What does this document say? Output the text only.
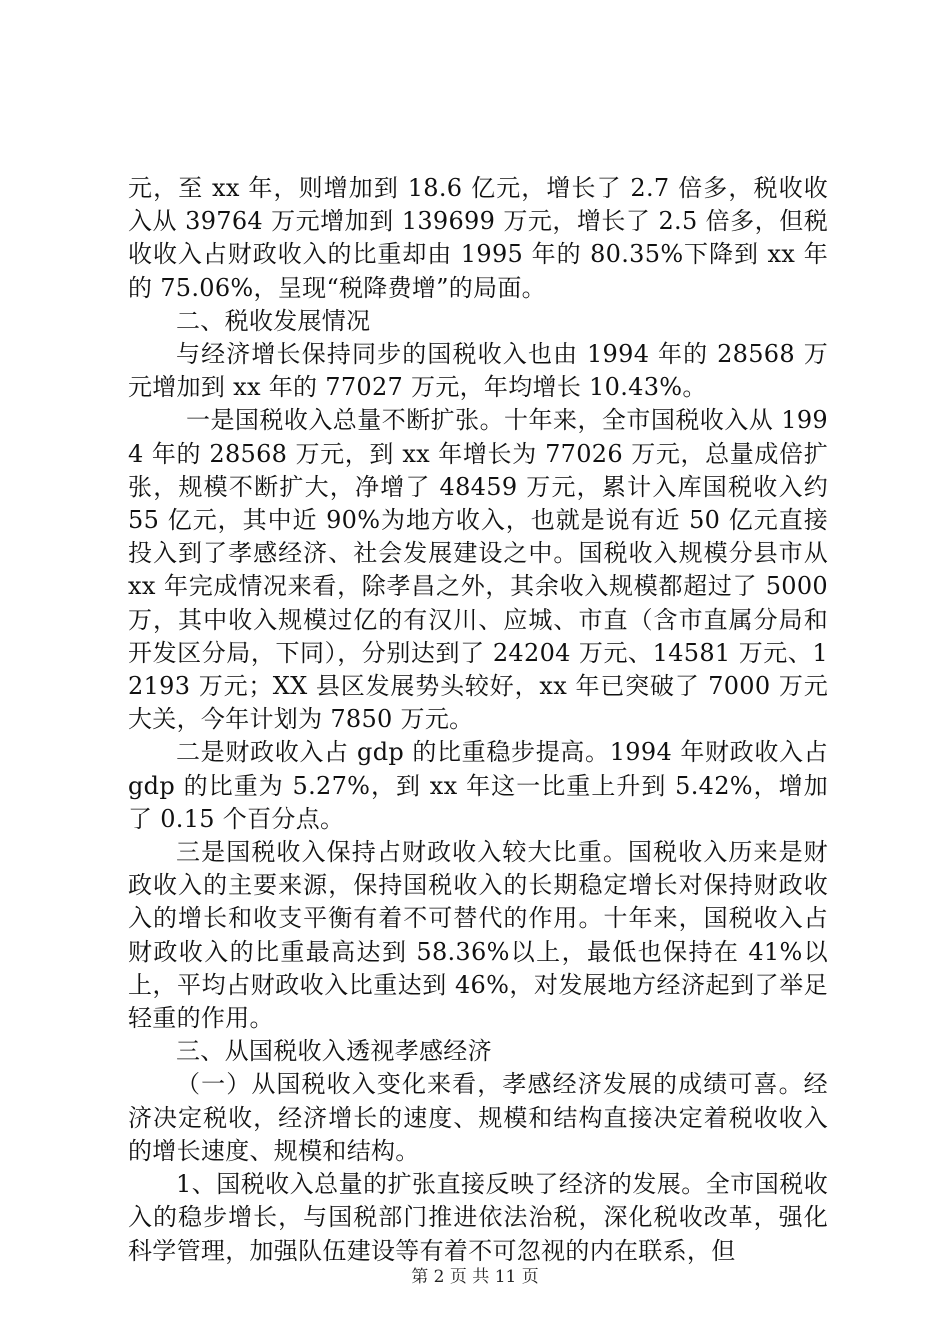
元，至 xx 年，则增加到 18.6 亿元，增长了 2.7 倍多，税收收入从 39764 万元增加到 139699 万元，增长了 2.5 倍多，但税收收入占财政收入的比重却由 1995 年的 80.35%下降到 xx 年的 75.06%，呈现“税降费增”的局面。

二、税收发展情况

与经济增长保持同步的国税收入也由 1994 年的 28568 万元增加到 xx 年的 77027 万元，年均增长 10.43%。

一是国税收入总量不断扩张。十年来，全市国税收入从 1994 年的 28568 万元，到 xx 年增长为 77026 万元，总量成倍扩张，规模不断扩大，净增了 48459 万元，累计入库国税收入约 55 亿元，其中近 90%为地方收入，也就是说有近 50 亿元直接投入到了孝感经济、社会发展建设之中。国税收入规模分县市从 xx 年完成情况来看，除孝昌之外，其余收入规模都超过了 5000 万，其中收入规模过亿的有汉川、应城、市直（含市直属分局和开发区分局，下同），分别达到了 24204 万元、14581 万元、12193 万元；XX 县区发展势头较好，xx 年已突破了 7000 万元大关，今年计划为 7850 万元。

二是财政收入占 gdp 的比重稳步提高。1994 年财政收入占 gdp 的比重为 5.27%，到 xx 年这一比重上升到 5.42%，增加了 0.15 个百分点。

三是国税收入保持占财政收入较大比重。国税收入历来是财政收入的主要来源，保持国税收入的长期稳定增长对保持财政收入的增长和收支平衡有着不可替代的作用。十年来，国税收入占财政收入的比重最高达到 58.36%以上，最低也保持在 41%以上，平均占财政收入比重达到 46%，对发展地方经济起到了举足轻重的作用。

三、从国税收入透视孝感经济

（一）从国税收入变化来看，孝感经济发展的成绩可喜。经济决定税收，经济增长的速度、规模和结构直接决定着税收收入的增长速度、规模和结构。

1、国税收入总量的扩张直接反映了经济的发展。全市国税收入的稳步增长，与国税部门推进依法治税，深化税收改革，强化科学管理，加强队伍建设等有着不可忽视的内在联系，但

第 2 页 共 11 页
